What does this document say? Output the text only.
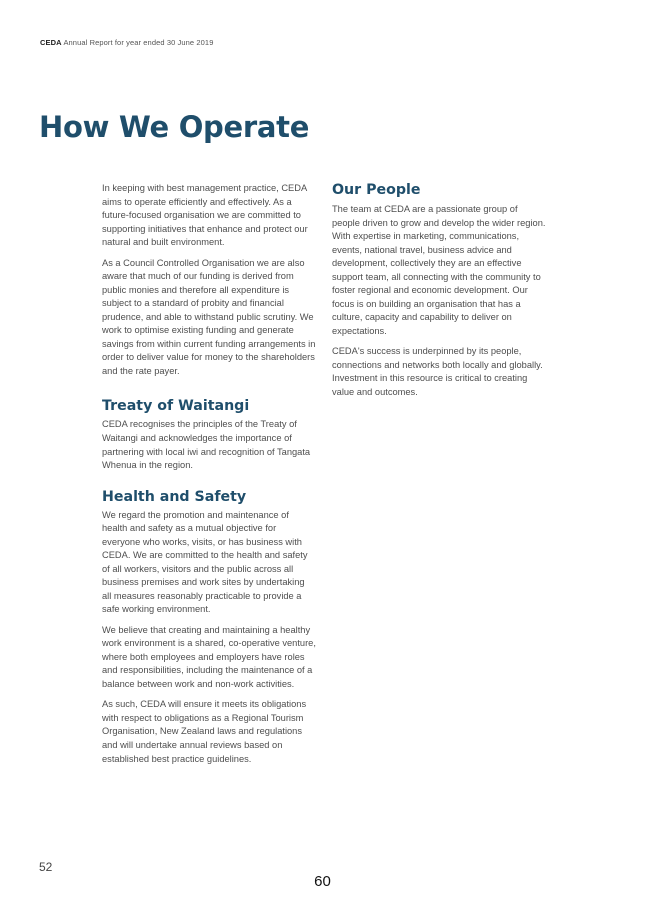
CEDA Annual Report for year ended 30 June 2019
How We Operate

In keeping with best management practice, CEDA aims to operate efficiently and effectively. As a future-focused organisation we are committed to supporting initiatives that enhance and protect our natural and built environment.

As a Council Controlled Organisation we are also aware that much of our funding is derived from public monies and therefore all expenditure is subject to a standard of probity and financial prudence, and able to withstand public scrutiny. We work to optimise existing funding and generate savings from within current funding arrangements in order to deliver value for money to the shareholders and the rate payer.

Treaty of Waitangi

CEDA recognises the principles of the Treaty of Waitangi and acknowledges the importance of partnering with local iwi and recognition of Tangata Whenua in the region.

Health and Safety

We regard the promotion and maintenance of health and safety as a mutual objective for everyone who works, visits, or has business with CEDA. We are committed to the health and safety of all workers, visitors and the public across all business premises and work sites by undertaking all measures reasonably practicable to provide a safe working environment.

We believe that creating and maintaining a healthy work environment is a shared, co-operative venture, where both employees and employers have roles and responsibilities, including the maintenance of a balance between work and non-work activities.

As such, CEDA will ensure it meets its obligations with respect to obligations as a Regional Tourism Organisation, New Zealand laws and regulations and will undertake annual reviews based on established best practice guidelines.

Our People

The team at CEDA are a passionate group of people driven to grow and develop the wider region. With expertise in marketing, communications, events, national travel, business advice and development, collectively they are an effective support team, all connecting with the community to foster regional and economic development. Our focus is on building an organisation that has a culture, capacity and capability to deliver on expectations.

CEDA's success is underpinned by its people, connections and networks both locally and globally. Investment in this resource is critical to creating value and outcomes.

52
60
